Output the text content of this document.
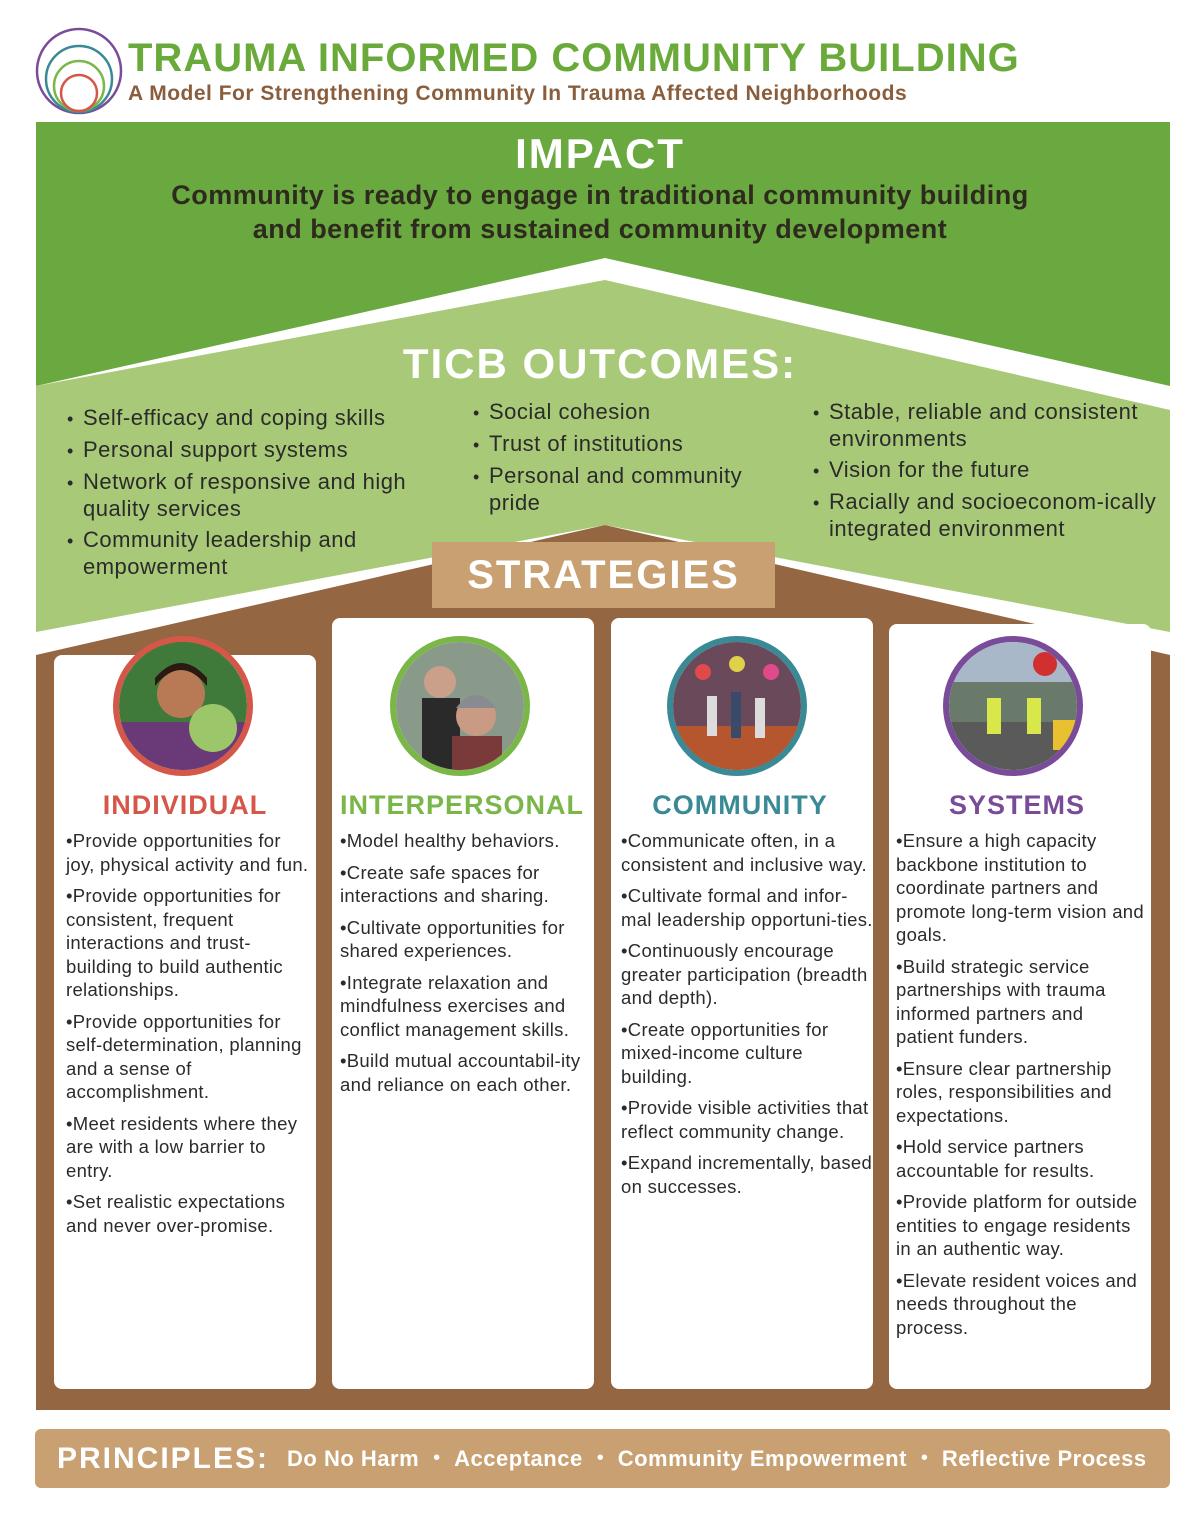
TRAUMA INFORMED COMMUNITY BUILDING
A Model For Strengthening Community In Trauma Affected Neighborhoods
IMPACT
Community is ready to engage in traditional community building
and benefit from sustained community development
TICB OUTCOMES:
• Self-efficacy and coping skills
• Personal support systems
• Network of responsive and high quality services
• Community leadership and empowerment
• Social cohesion
• Trust of institutions
• Personal and community pride
• Stable, reliable and consistent environments
• Vision for the future
• Racially and socioeconom-ically integrated environment
STRATEGIES
INDIVIDUAL
• Provide opportunities for joy, physical activity and fun.
• Provide opportunities for consistent, frequent interactions and trust-building to build authentic relationships.
• Provide opportunities for self-determination, planning and a sense of accomplishment.
• Meet residents where they are with a low barrier to entry.
• Set realistic expectations and never over-promise.
INTERPERSONAL
• Model healthy behaviors.
• Create safe spaces for interactions and sharing.
• Cultivate opportunities for shared experiences.
• Integrate relaxation and mindfulness exercises and conflict management skills.
• Build mutual accountabil-ity and reliance on each other.
COMMUNITY
• Communicate often, in a consistent and inclusive way.
• Cultivate formal and infor-mal leadership opportuni-ties.
• Continuously encourage greater participation (breadth and depth).
• Create opportunities for mixed-income culture building.
• Provide visible activities that reflect community change.
• Expand incrementally, based on successes.
SYSTEMS
• Ensure a high capacity backbone institution to coordinate partners and promote long-term vision and goals.
• Build strategic service partnerships with trauma informed partners and patient funders.
• Ensure clear partnership roles, responsibilities and expectations.
• Hold service partners accountable for results.
• Provide platform for outside entities to engage residents in an authentic way.
• Elevate resident voices and needs throughout the process.
PRINCIPLES: Do No Harm • Acceptance • Community Empowerment • Reflective Process
